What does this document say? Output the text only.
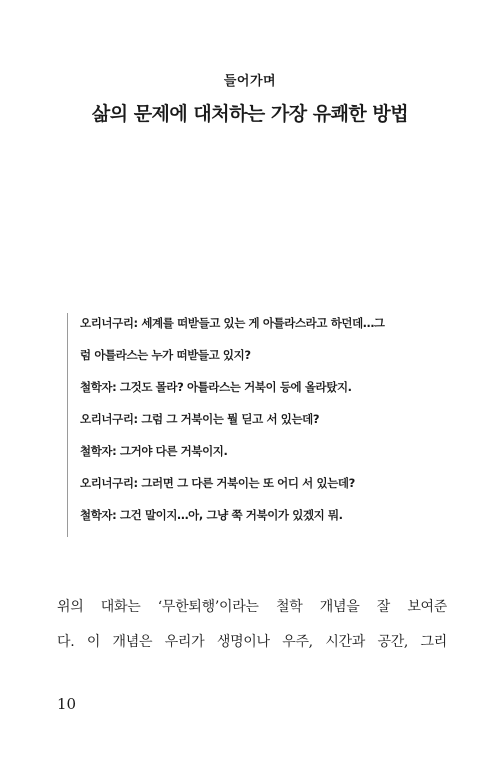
들어가며
삶의 문제에 대처하는 가장 유쾌한 방법
오리너구리: 세계를 떠받들고 있는 게 아틀라스라고 하던데…그
럼 아틀라스는 누가 떠받들고 있지?
철학자: 그것도 몰라? 아틀라스는 거북이 등에 올라탔지.
오리너구리: 그럼 그 거북이는 뭘 딛고 서 있는데?
철학자: 그거야 다른 거북이지.
오리너구리: 그러면 그 다른 거북이는 또 어디 서 있는데?
철학자: 그건 말이지…아, 그냥 쭉 거북이가 있겠지 뭐.
위의 대화는 ‘무한퇴행’이라는 철학 개념을 잘 보여준
다. 이 개념은 우리가 생명이나 우주, 시간과 공간, 그리
10
